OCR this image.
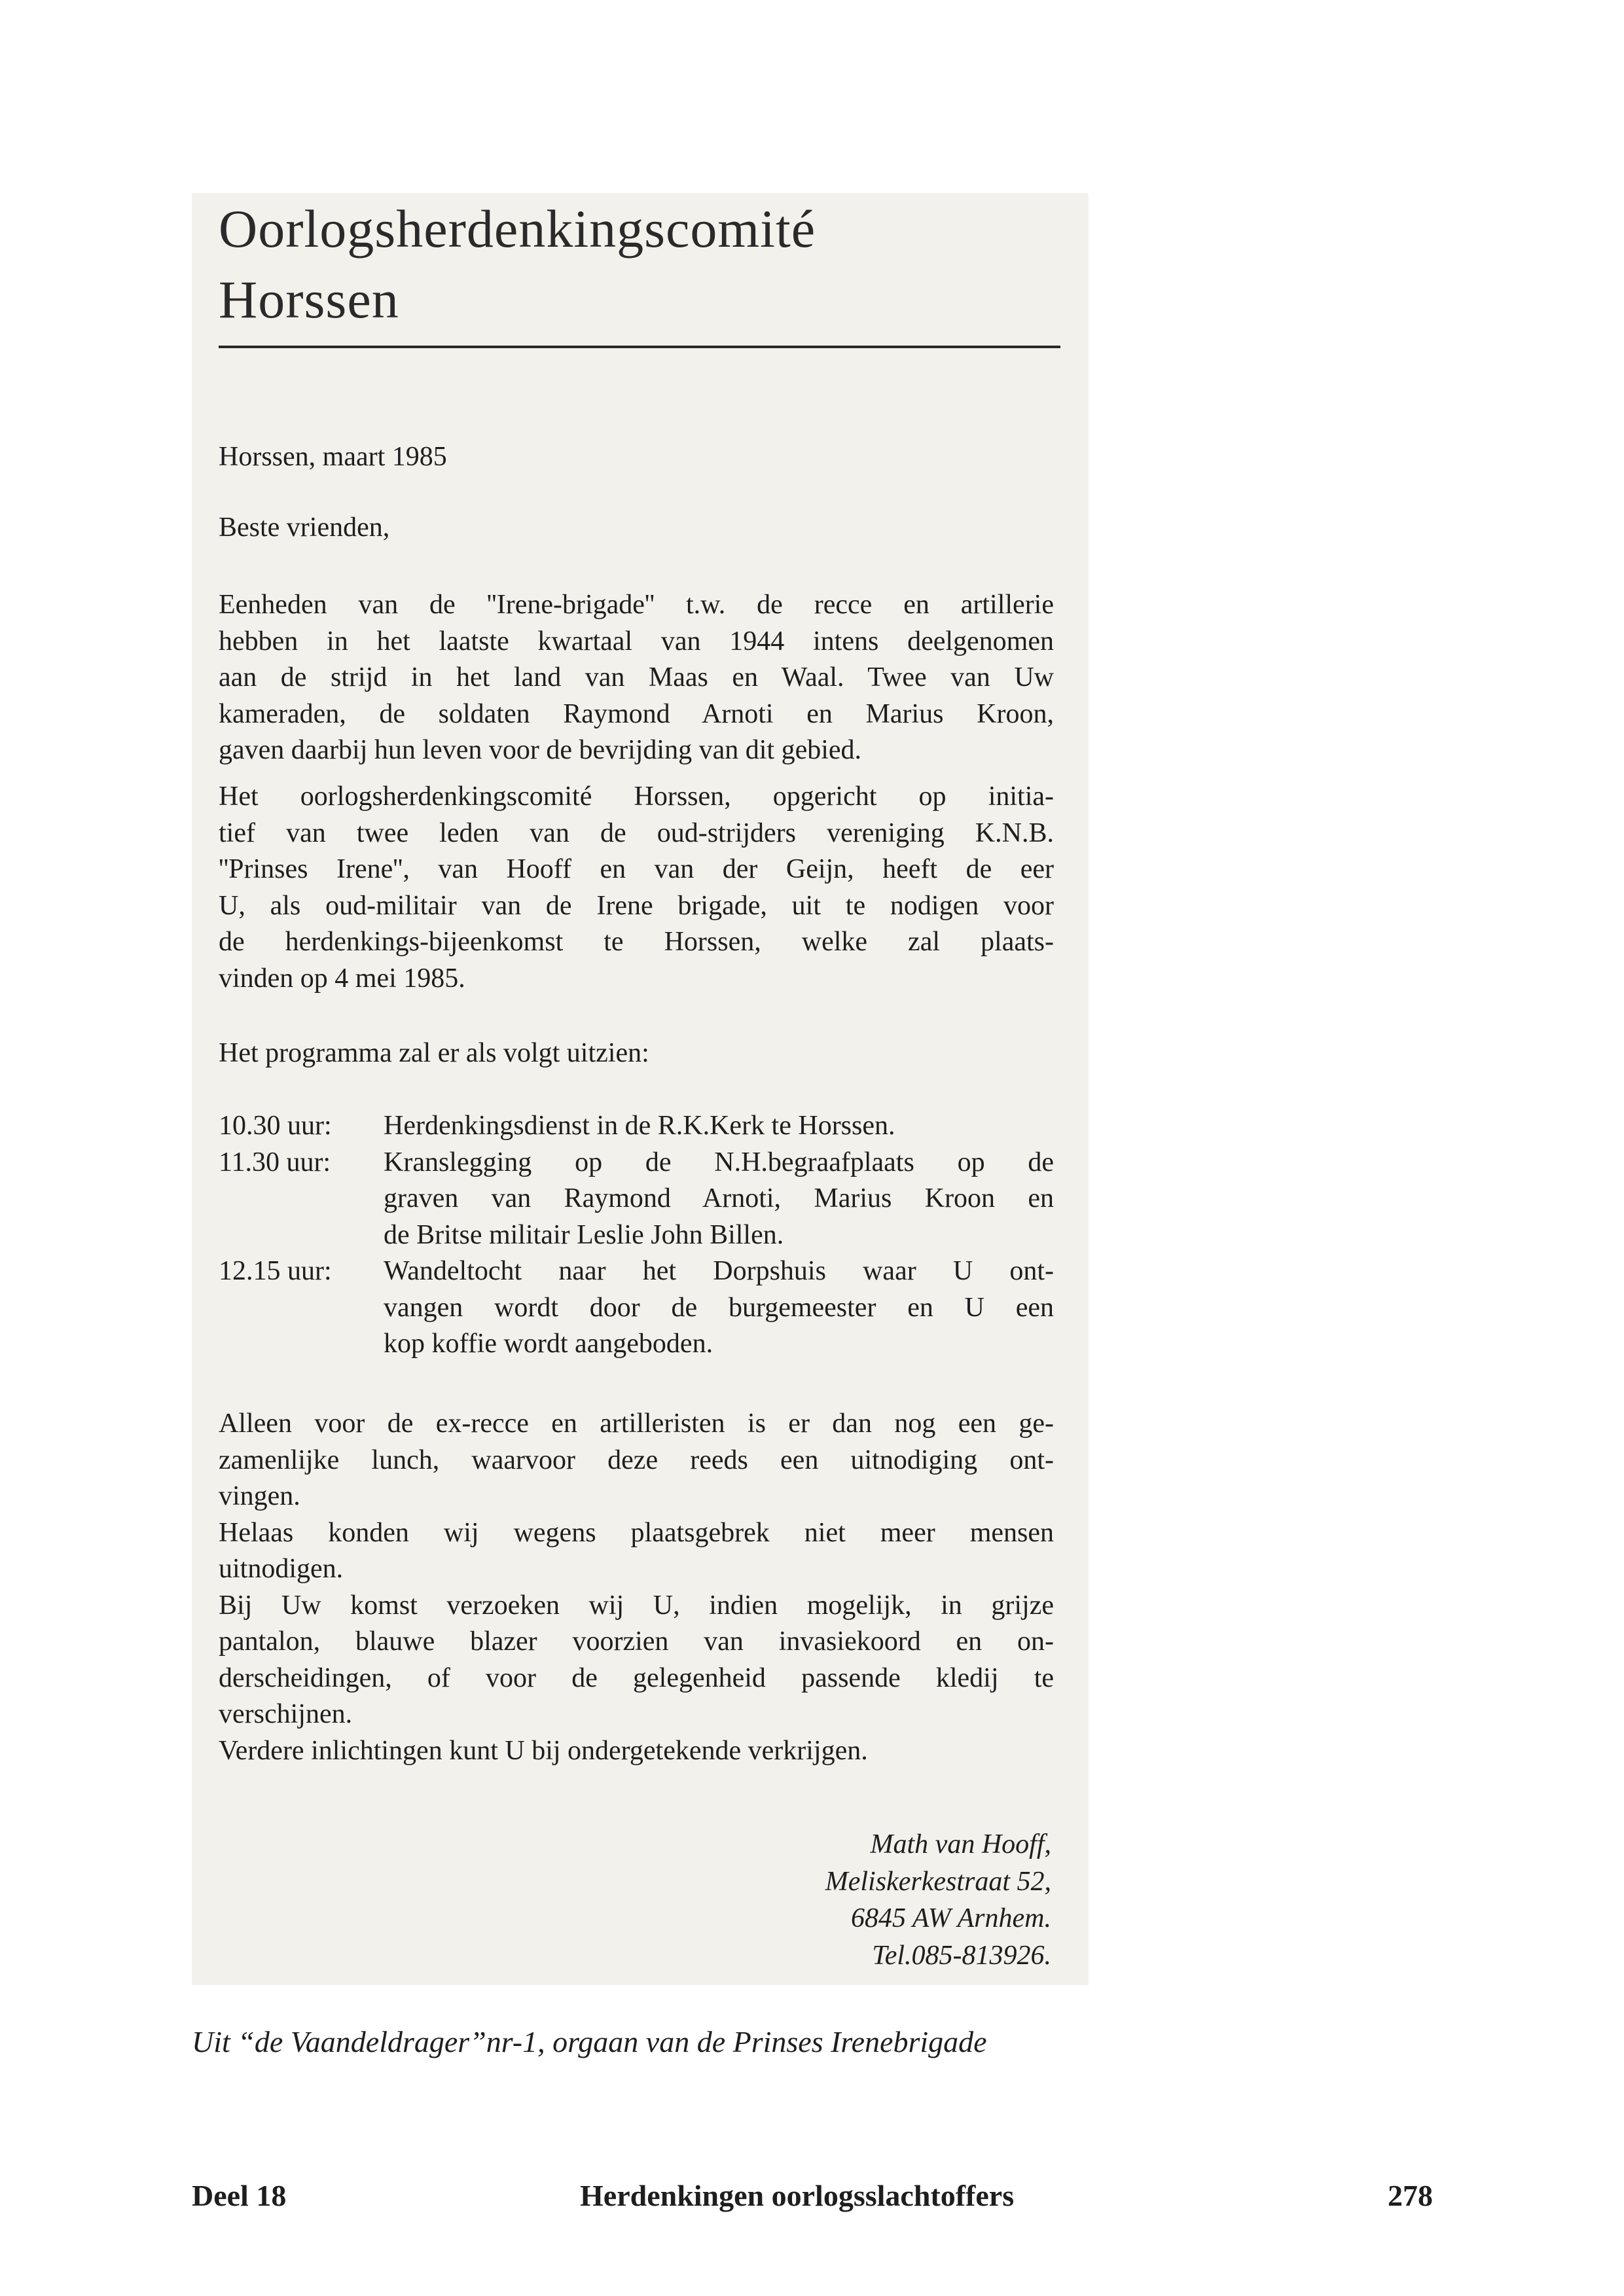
Oorlogsherdenkingscomité
Horssen
Horssen, maart 1985
Beste vrienden,
Eenheden van de ''Irene-brigade'' t.w. de recce en artillerie
hebben in het laatste kwartaal van 1944 intens deelgenomen
aan de strijd in het land van Maas en Waal. Twee van Uw
kameraden, de soldaten Raymond Arnoti en Marius Kroon,
gaven daarbij hun leven voor de bevrijding van dit gebied.
Het oorlogsherdenkingscomité Horssen, opgericht op initia-
tief van twee leden van de oud-strijders vereniging K.N.B.
''Prinses Irene'', van Hooff en van der Geijn, heeft de eer
U, als oud-militair van de Irene brigade, uit te nodigen voor
de herdenkings-bijeenkomst te Horssen, welke zal plaats-
vinden op 4 mei 1985.
Het programma zal er als volgt uitzien:
10.30 uur:	Herdenkingsdienst in de R.K.Kerk te Horssen.
11.30 uur:	Kranslegging op de N.H.begraafplaats op de
graven van Raymond Arnoti, Marius Kroon en
de Britse militair Leslie John Billen.
12.15 uur:	Wandeltocht naar het Dorpshuis waar U ont-
vangen wordt door de burgemeester en U een
kop koffie wordt aangeboden.
Alleen voor de ex-recce en artilleristen is er dan nog een ge-
zamenlijke lunch, waarvoor deze reeds een uitnodiging ont-
vingen.
Helaas konden wij wegens plaatsgebrek niet meer mensen
uitnodigen.
Bij Uw komst verzoeken wij U, indien mogelijk, in grijze
pantalon, blauwe blazer voorzien van invasiekoord en on-
derscheidingen, of voor de gelegenheid passende kledij te
verschijnen.
Verdere inlichtingen kunt U bij ondergetekende verkrijgen.
Math van Hooff,
Meliskerkestraat 52,
6845 AW Arnhem.
Tel.085-813926.
Uit “de Vaandeldrager”nr-1, orgaan van de Prinses Irenebrigade
Deel 18	Herdenkingen oorlogsslachtoffers	278
